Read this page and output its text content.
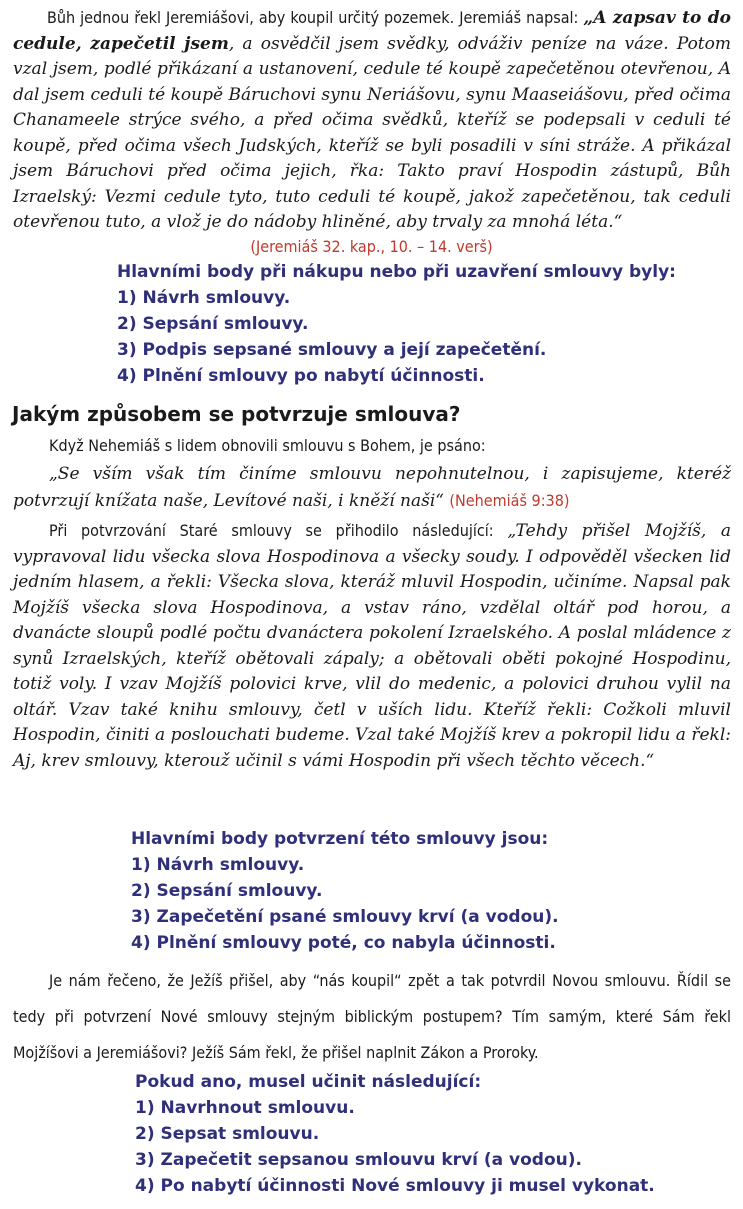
Bůh jednou řekl Jeremiášovi, aby koupil určitý pozemek. Jeremiáš napsal: „A zapsav to do cedule, zapečetil jsem, a osvědčil jsem svědky, odváživ peníze na váze. Potom vzal jsem, podlé přikázaní a ustanovení, cedule té koupě zapečetěnou otevřenou, A dal jsem ceduli té koupě Báruchovi synu Neriášovu, synu Maaseiášovu, před očima Chanameele strýce svého, a před očima svědků, kteříž se podepsali v ceduli té koupě, před očima všech Judských, kteříž se byli posadili v síni stráže. A přikázal jsem Báruchovi před očima jejich, řka: Takto praví Hospodin zástupů, Bůh Izraelský: Vezmi cedule tyto, tuto ceduli té koupě, jakož zapečetěnou, tak ceduli otevřenou tuto, a vlož je do nádoby hliněné, aby trvaly za mnohá léta.“

(Jeremiáš 32. kap., 10. – 14. verš)

Hlavními body při nákupu nebo při uzavření smlouvy byly:
1) Návrh smlouvy.
2) Sepsání smlouvy.
3) Podpis sepsané smlouvy a její zapečetění.
4) Plnění smlouvy po nabytí účinnosti.
Jakým způsobem se potvrzuje smlouva?

Když Nehemiáš s lidem obnovili smlouvu s Bohem, je psáno:

„Se vším však tím činíme smlouvu nepohnutelnou, i zapisujeme, kteréž potvrzují knížata naše, Levítové naši, i kněží naši“ (Nehemiáš 9:38)

Při potvrzování Staré smlouvy se přihodilo následující: „Tehdy přišel Mojžíš, a vypravoval lidu všecka slova Hospodinova a všecky soudy. I odpověděl všecken lid jedním hlasem, a řekli: Všecka slova, kteráž mluvil Hospodin, učiníme. Napsal pak Mojžíš všecka slova Hospodinova, a vstav ráno, vzdělal oltář pod horou, a dvanácte sloupů podlé počtu dvanáctera pokolení Izraelského. A poslal mládence z synů Izraelských, kteříž obětovali zápaly; a obětovali oběti pokojné Hospodinu, totiž voly. I vzav Mojžíš polovici krve, vlil do medenic, a polovici druhou vylil na oltář. Vzav také knihu smlouvy, četl v uších lidu. Kteříž řekli: Cožkoli mluvil Hospodin, činiti a poslouchati budeme. Vzal také Mojžíš krev a pokropil lidu a řekl: Aj, krev smlouvy, kterouž učinil s vámi Hospodin při všech těchto věcech.“

Hlavními body potvrzení této smlouvy jsou:
1) Návrh smlouvy.
2) Sepsání smlouvy.
3) Zapečetění psané smlouvy krví (a vodou).
4) Plnění smlouvy poté, co nabyla účinnosti.

Je nám řečeno, že Ježíš přišel, aby “nás koupil“ zpět a tak potvrdil Novou smlouvu. Řídil se tedy při potvrzení Nové smlouvy stejným biblickým postupem? Tím samým, které Sám řekl Mojžíšovi a Jeremiášovi? Ježíš Sám řekl, že přišel naplnit Zákon a Proroky.

Pokud ano, musel učinit následující:
1) Navrhnout smlouvu.
2) Sepsat smlouvu.
3) Zapečetit sepsanou smlouvu krví (a vodou).
4) Po nabytí účinnosti Nové smlouvy ji musel vykonat.
